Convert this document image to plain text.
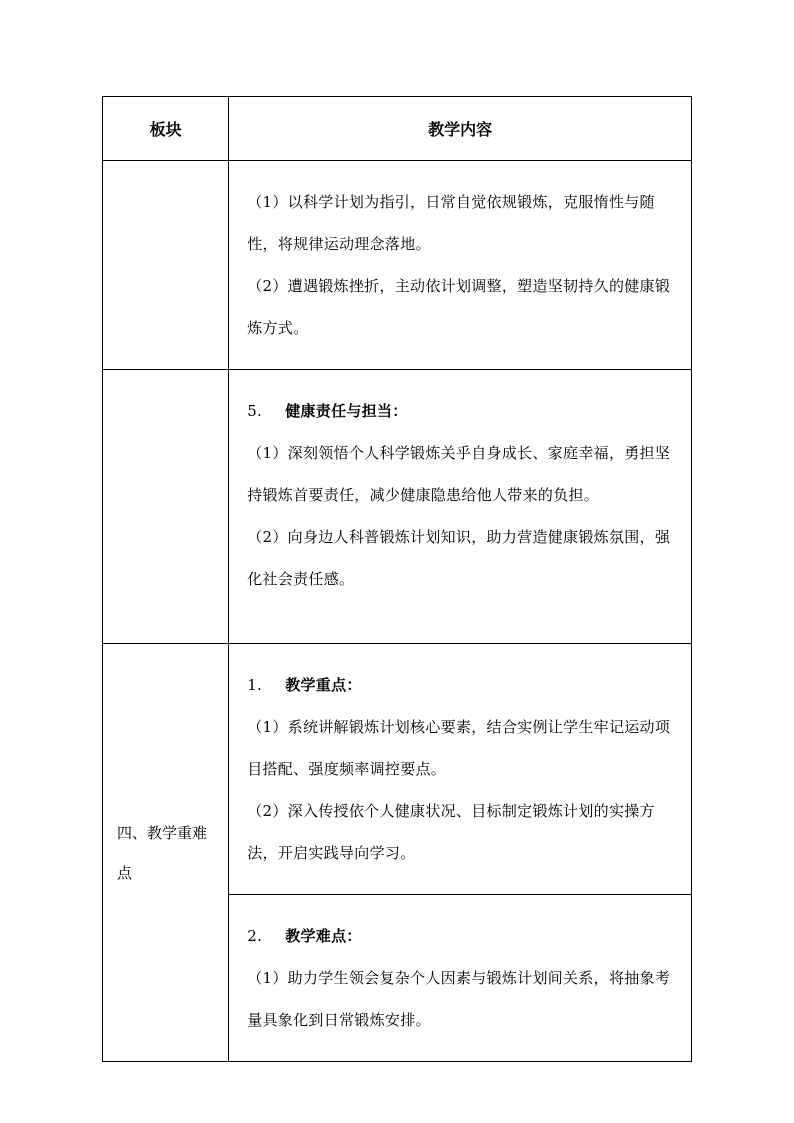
板块	教学内容

	（1）以科学计划为指引，日常自觉依规锻炼，克服惰性与随性，将规律运动理念落地。

（2）遭遇锻炼挫折，主动依计划调整，塑造坚韧持久的健康锻炼方式。

	5. 健康责任与担当：

（1）深刻领悟个人科学锻炼关乎自身成长、家庭幸福，勇担坚持锻炼首要责任，减少健康隐患给他人带来的负担。

（2）向身边人科普锻炼计划知识，助力营造健康锻炼氛围，强化社会责任感。

四、教学重难点	1. 教学重点：

（1）系统讲解锻炼计划核心要素，结合实例让学生牢记运动项目搭配、强度频率调控要点。

（2）深入传授依个人健康状况、目标制定锻炼计划的实操方法，开启实践导向学习。

	2. 教学难点：

（1）助力学生领会复杂个人因素与锻炼计划间关系，将抽象考量具象化到日常锻炼安排。
